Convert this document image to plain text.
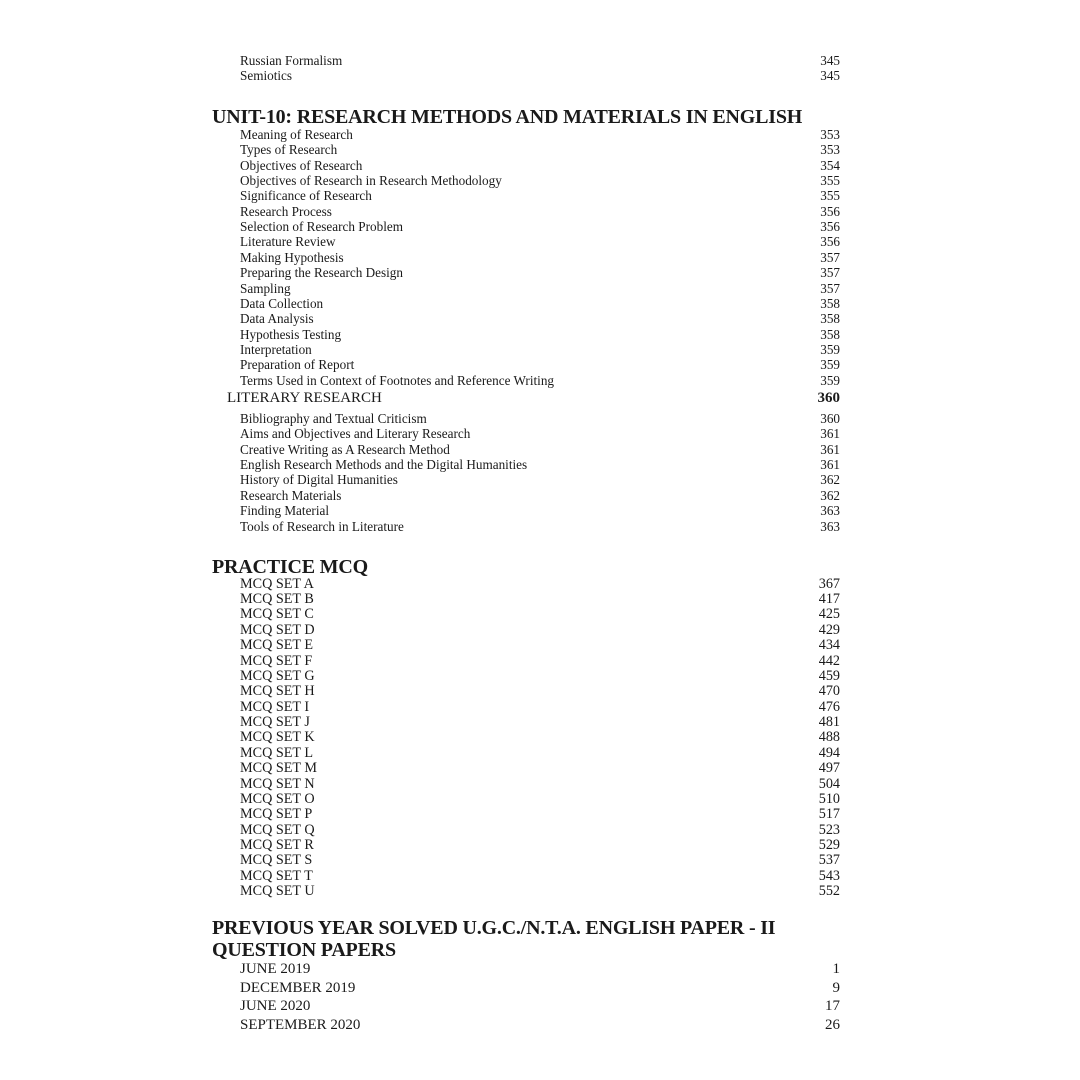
Russian Formalism	345
Semiotics	345
UNIT-10: RESEARCH METHODS AND MATERIALS IN ENGLISH
Meaning of Research	353
Types of Research	353
Objectives of Research	354
Objectives of Research in Research Methodology	355
Significance of Research	355
Research Process	356
Selection of Research Problem	356
Literature Review	356
Making Hypothesis	357
Preparing the Research Design	357
Sampling	357
Data Collection	358
Data Analysis	358
Hypothesis Testing	358
Interpretation	359
Preparation of Report	359
Terms Used in Context of Footnotes and Reference Writing	359
LITERARY RESEARCH	360
Bibliography and Textual Criticism	360
Aims and Objectives and Literary Research	361
Creative Writing as A Research Method	361
English Research Methods and the Digital Humanities	361
History of Digital Humanities	362
Research Materials	362
Finding Material	363
Tools of Research in Literature	363
PRACTICE MCQ
MCQ SET A	367
MCQ SET B	417
MCQ SET C	425
MCQ SET D	429
MCQ SET E	434
MCQ SET F	442
MCQ SET G	459
MCQ SET H	470
MCQ SET I	476
MCQ SET J	481
MCQ SET K	488
MCQ SET L	494
MCQ SET M	497
MCQ SET N	504
MCQ SET O	510
MCQ SET P	517
MCQ SET Q	523
MCQ SET R	529
MCQ SET S	537
MCQ SET T	543
MCQ SET U	552
PREVIOUS YEAR SOLVED U.G.C./N.T.A. ENGLISH PAPER - II
QUESTION PAPERS
JUNE 2019	1
DECEMBER 2019	9
JUNE 2020	17
SEPTEMBER 2020	26
